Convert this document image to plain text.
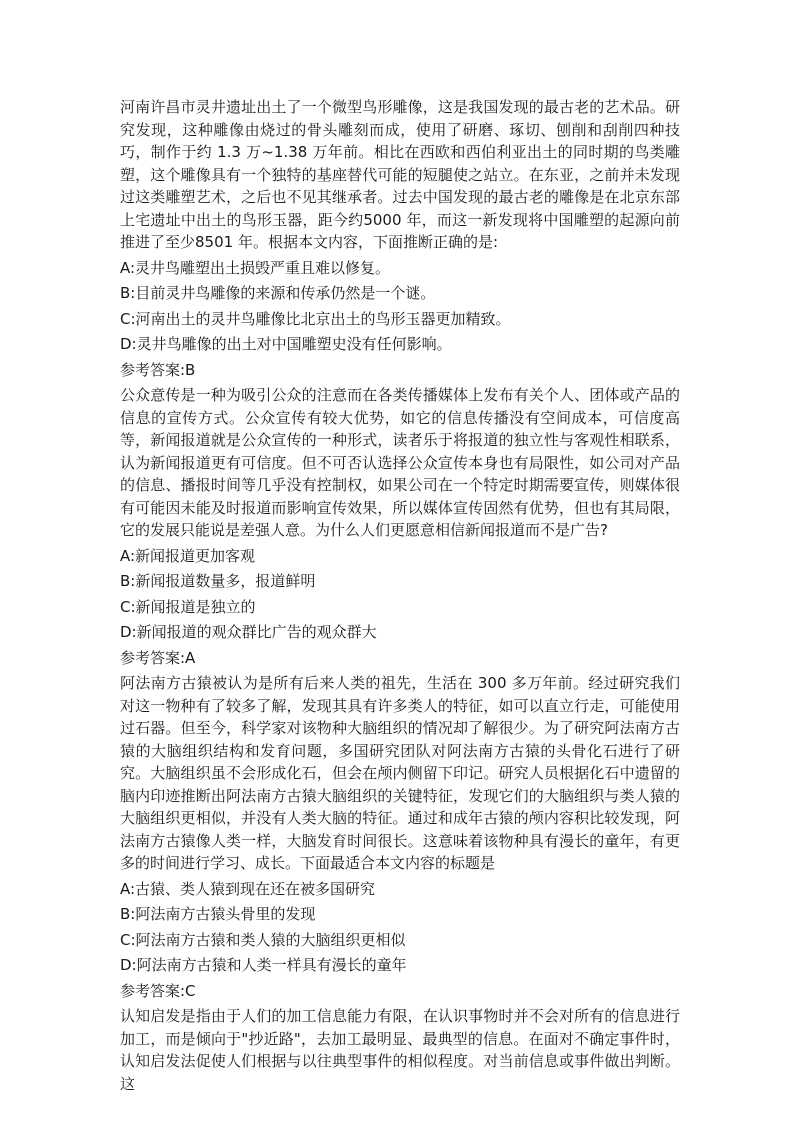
河南许昌市灵井遗址出土了一个微型鸟形雕像，这是我国发现的最古老的艺术品。研究发现，这种雕像由烧过的骨头雕刻而成，使用了研磨、琢切、刨削和刮削四种技巧，制作于约 1.3 万~1.38 万年前。相比在西欧和西伯利亚出土的同时期的鸟类雕塑，这个雕像具有一个独特的基座替代可能的短腿使之站立。在东亚，之前并未发现过这类雕塑艺术，之后也不见其继承者。过去中国发现的最古老的雕像是在北京东部上宅遗址中出土的鸟形玉器，距今约5000 年，而这一新发现将中国雕塑的起源向前推进了至少8501 年。根据本文内容，下面推断正确的是:

A:灵井鸟雕塑出土损毁严重且难以修复。

B:目前灵井鸟雕像的来源和传承仍然是一个谜。

C:河南出土的灵井鸟雕像比北京出土的鸟形玉器更加精致。

D:灵井鸟雕像的出土对中国雕塑史没有任何影响。

参考答案:B

公众意传是一种为吸引公众的注意而在各类传播媒体上发布有关个人、团体或产品的信息的宣传方式。公众宣传有较大优势，如它的信息传播没有空间成本，可信度高等，新闻报道就是公众宣传的一种形式，读者乐于将报道的独立性与客观性相联系，认为新闻报道更有可信度。但不可否认选择公众宣传本身也有局限性，如公司对产品的信息、播报时间等几乎没有控制权，如果公司在一个特定时期需要宣传，则媒体很有可能因未能及时报道而影响宣传效果，所以媒体宣传固然有优势，但也有其局限，它的发展只能说是差强人意。为什么人们更愿意相信新闻报道而不是广告?

A:新闻报道更加客观

B:新闻报道数量多，报道鲜明

C:新闻报道是独立的

D:新闻报道的观众群比广告的观众群大

参考答案:A

阿法南方古猿被认为是所有后来人类的祖先，生活在 300 多万年前。经过研究我们对这一物种有了较多了解，发现其具有许多类人的特征，如可以直立行走，可能使用过石器。但至今，科学家对该物种大脑组织的情况却了解很少。为了研究阿法南方古猿的大脑组织结构和发育问题，多国研究团队对阿法南方古猿的头骨化石进行了研究。大脑组织虽不会形成化石，但会在颅内侧留下印记。研究人员根据化石中遗留的脑内印迹推断出阿法南方古猿大脑组织的关键特征，发现它们的大脑组织与类人猿的大脑组织更相似，并没有人类大脑的特征。通过和成年古猿的颅内容积比较发现，阿法南方古猿像人类一样，大脑发育时间很长。这意味着该物种具有漫长的童年，有更多的时间进行学习、成长。下面最适合本文内容的标题是

A:古猿、类人猿到现在还在被多国研究

B:阿法南方古猿头骨里的发现

C:阿法南方古猿和类人猿的大脑组织更相似

D:阿法南方古猿和人类一样具有漫长的童年

参考答案:C

认知启发是指由于人们的加工信息能力有限，在认识事物时并不会对所有的信息进行加工，而是倾向于"抄近路"，去加工最明显、最典型的信息。在面对不确定事件时，认知启发法促使人们根据与以往典型事件的相似程度。对当前信息或事件做出判断。这
